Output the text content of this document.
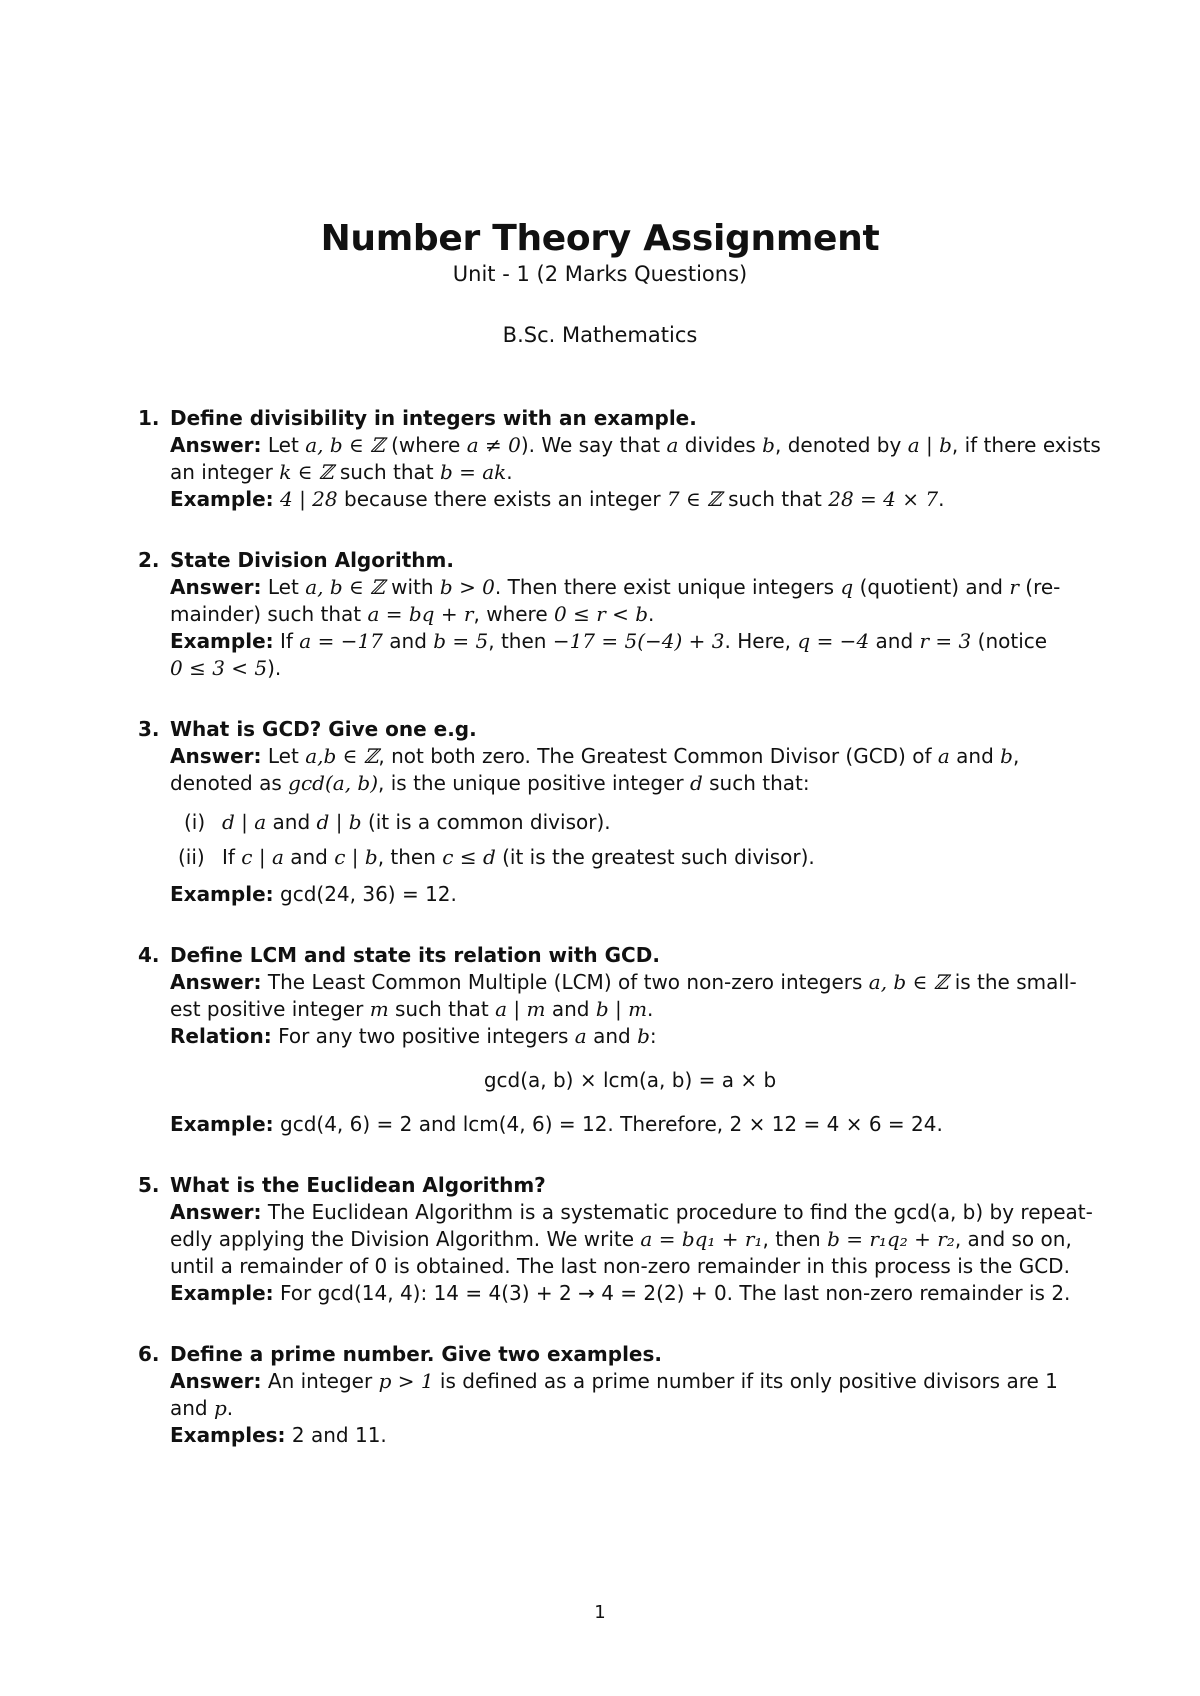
Number Theory Assignment
Unit - 1 (2 Marks Questions)
B.Sc. Mathematics
1. Define divisibility in integers with an example.
Answer: Let a, b ∈ ℤ (where a ≠ 0). We say that a divides b, denoted by a | b, if there exists
an integer k ∈ ℤ such that b = ak.
Example: 4 | 28 because there exists an integer 7 ∈ ℤ such that 28 = 4 × 7.
2. State Division Algorithm.
Answer: Let a, b ∈ ℤ with b > 0. Then there exist unique integers q (quotient) and r (re-
mainder) such that a = bq + r, where 0 ≤ r < b.
Example: If a = −17 and b = 5, then −17 = 5(−4) + 3. Here, q = −4 and r = 3 (notice
0 ≤ 3 < 5).
3. What is GCD? Give one e.g.
Answer: Let a,b ∈ ℤ, not both zero. The Greatest Common Divisor (GCD) of a and b,
denoted as gcd(a, b), is the unique positive integer d such that:
(i) d | a and d | b (it is a common divisor).
(ii) If c | a and c | b, then c ≤ d (it is the greatest such divisor).
Example: gcd(24, 36) = 12.
4. Define LCM and state its relation with GCD.
Answer: The Least Common Multiple (LCM) of two non-zero integers a, b ∈ ℤ is the small-
est positive integer m such that a | m and b | m.
Relation: For any two positive integers a and b:
gcd(a, b) × lcm(a, b) = a × b
Example: gcd(4, 6) = 2 and lcm(4, 6) = 12. Therefore, 2 × 12 = 4 × 6 = 24.
5. What is the Euclidean Algorithm?
Answer: The Euclidean Algorithm is a systematic procedure to find the gcd(a, b) by repeat-
edly applying the Division Algorithm. We write a = bq₁ + r₁, then b = r₁q₂ + r₂, and so on,
until a remainder of 0 is obtained. The last non-zero remainder in this process is the GCD.
Example: For gcd(14, 4): 14 = 4(3) + 2 → 4 = 2(2) + 0. The last non-zero remainder is 2.
6. Define a prime number. Give two examples.
Answer: An integer p > 1 is defined as a prime number if its only positive divisors are 1
and p.
Examples: 2 and 11.
1
